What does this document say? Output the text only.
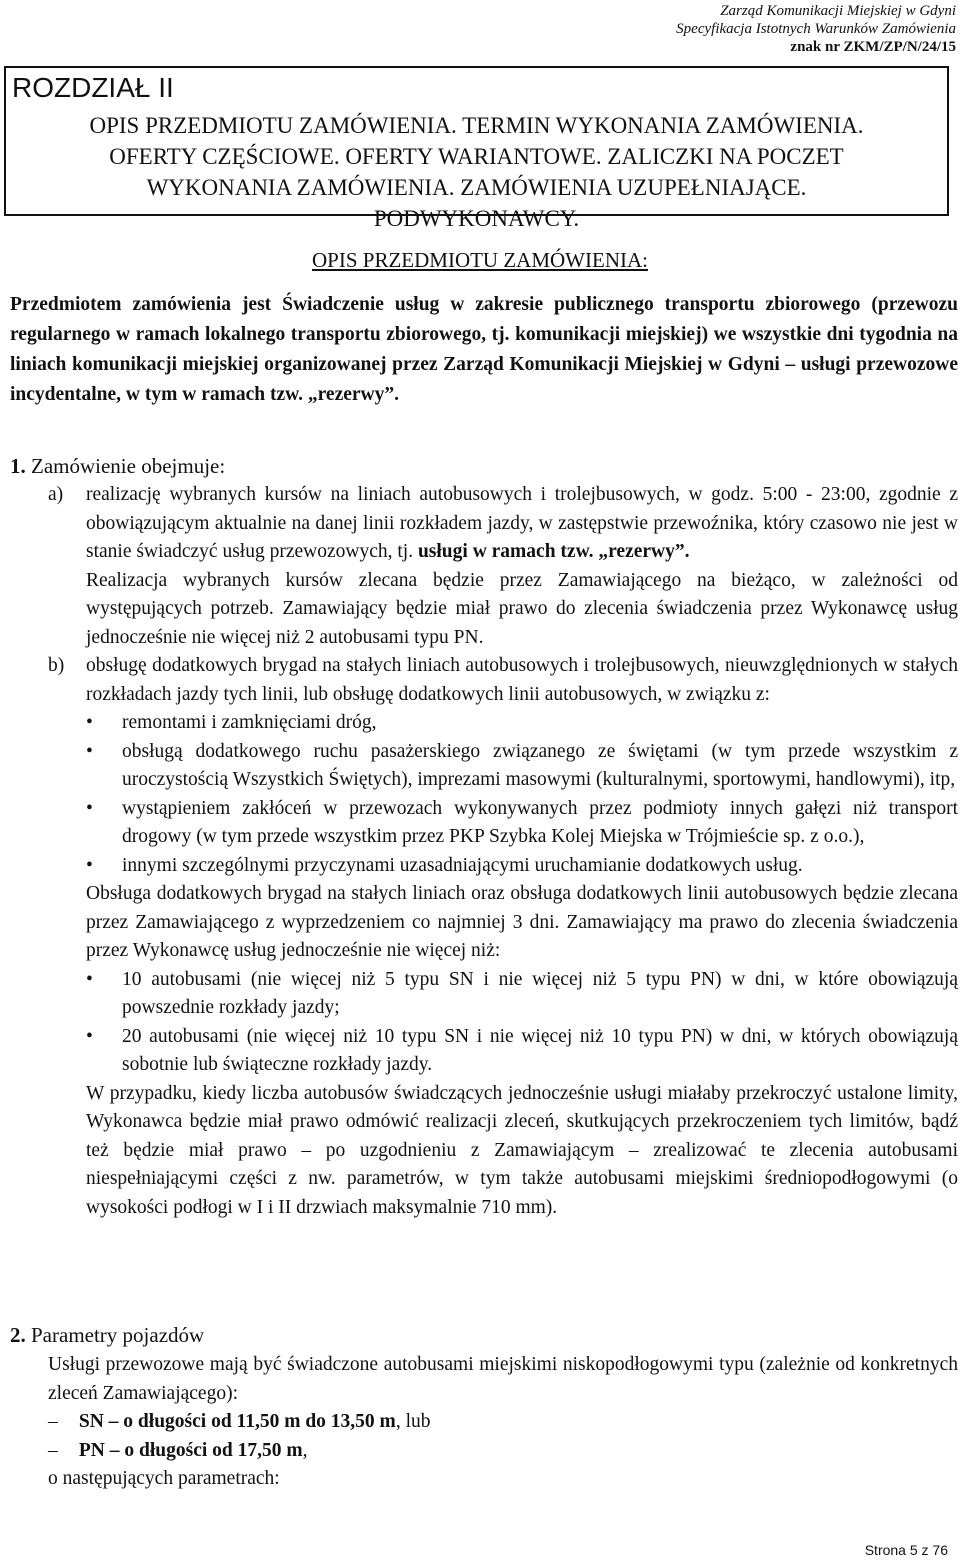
Zarząd Komunikacji Miejskiej w Gdyni
Specyfikacja Istotnych Warunków Zamówienia
znak nr ZKM/ZP/N/24/15
ROZDZIAŁ II
OPIS PRZEDMIOTU ZAMÓWIENIA. TERMIN WYKONANIA ZAMÓWIENIA.
OFERTY CZĘŚCIOWE. OFERTY WARIANTOWE. ZALICZKI NA POCZET
WYKONANIA ZAMÓWIENIA. ZAMÓWIENIA UZUPEŁNIAJĄCE.
PODWYKONAWCY.
OPIS PRZEDMIOTU ZAMÓWIENIA:

Przedmiotem zamówienia jest Świadczenie usług w zakresie publicznego transportu zbiorowego (przewozu regularnego w ramach lokalnego transportu zbiorowego, tj. komunikacji miejskiej) we wszystkie dni tygodnia na liniach komunikacji miejskiej organizowanej przez Zarząd Komunikacji Miejskiej w Gdyni – usługi przewozowe incydentalne, w tym w ramach tzw. „rezerwy”.

1. Zamówienie obejmuje:
a)	realizację wybranych kursów na liniach autobusowych i trolejbusowych, w godz. 5:00 - 23:00, zgodnie z obowiązującym aktualnie na danej linii rozkładem jazdy, w zastępstwie przewoźnika, który czasowo nie jest w stanie świadczyć usług przewozowych, tj. usługi w ramach tzw. „rezerwy”.
Realizacja wybranych kursów zlecana będzie przez Zamawiającego na bieżąco, w zależności od występujących potrzeb. Zamawiający będzie miał prawo do zlecenia świadczenia przez Wykonawcę usług jednocześnie nie więcej niż 2 autobusami typu PN.
b)	obsługę dodatkowych brygad na stałych liniach autobusowych i trolejbusowych, nieuwzględnionych w stałych rozkładach jazdy tych linii, lub obsługę dodatkowych linii autobusowych, w związku z:
•	remontami i zamknięciami dróg,
•	obsługą dodatkowego ruchu pasażerskiego związanego ze świętami (w tym przede wszystkim z uroczystością Wszystkich Świętych), imprezami masowymi (kulturalnymi, sportowymi, handlowymi), itp,
•	wystąpieniem zakłóceń w przewozach wykonywanych przez podmioty innych gałęzi niż transport drogowy (w tym przede wszystkim przez PKP Szybka Kolej Miejska w Trójmieście sp. z o.o.),
•	innymi szczególnymi przyczynami uzasadniającymi uruchamianie dodatkowych usług.
Obsługa dodatkowych brygad na stałych liniach oraz obsługa dodatkowych linii autobusowych będzie zlecana przez Zamawiającego z wyprzedzeniem co najmniej 3 dni. Zamawiający ma prawo do zlecenia świadczenia przez Wykonawcę usług jednocześnie nie więcej niż:
•	10 autobusami (nie więcej niż 5 typu SN i nie więcej niż 5 typu PN) w dni, w które obowiązują powszednie rozkłady jazdy;
•	20 autobusami (nie więcej niż 10 typu SN i nie więcej niż 10 typu PN) w dni, w których obowiązują sobotnie lub świąteczne rozkłady jazdy.
W przypadku, kiedy liczba autobusów świadczących jednocześnie usługi miałaby przekroczyć ustalone limity, Wykonawca będzie miał prawo odmówić realizacji zleceń, skutkujących przekroczeniem tych limitów, bądź też będzie miał prawo – po uzgodnieniu z Zamawiającym – zrealizować te zlecenia autobusami niespełniającymi części z nw. parametrów, w tym także autobusami miejskimi średniopodłogowymi (o wysokości podłogi w I i II drzwiach maksymalnie 710 mm).
2. Parametry pojazdów
Usługi przewozowe mają być świadczone autobusami miejskimi niskopodłogowymi typu (zależnie od konkretnych zleceń Zamawiającego):
– SN – o długości od 11,50 m do 13,50 m, lub
– PN – o długości od 17,50 m,
o następujących parametrach:
Strona 5 z 76
